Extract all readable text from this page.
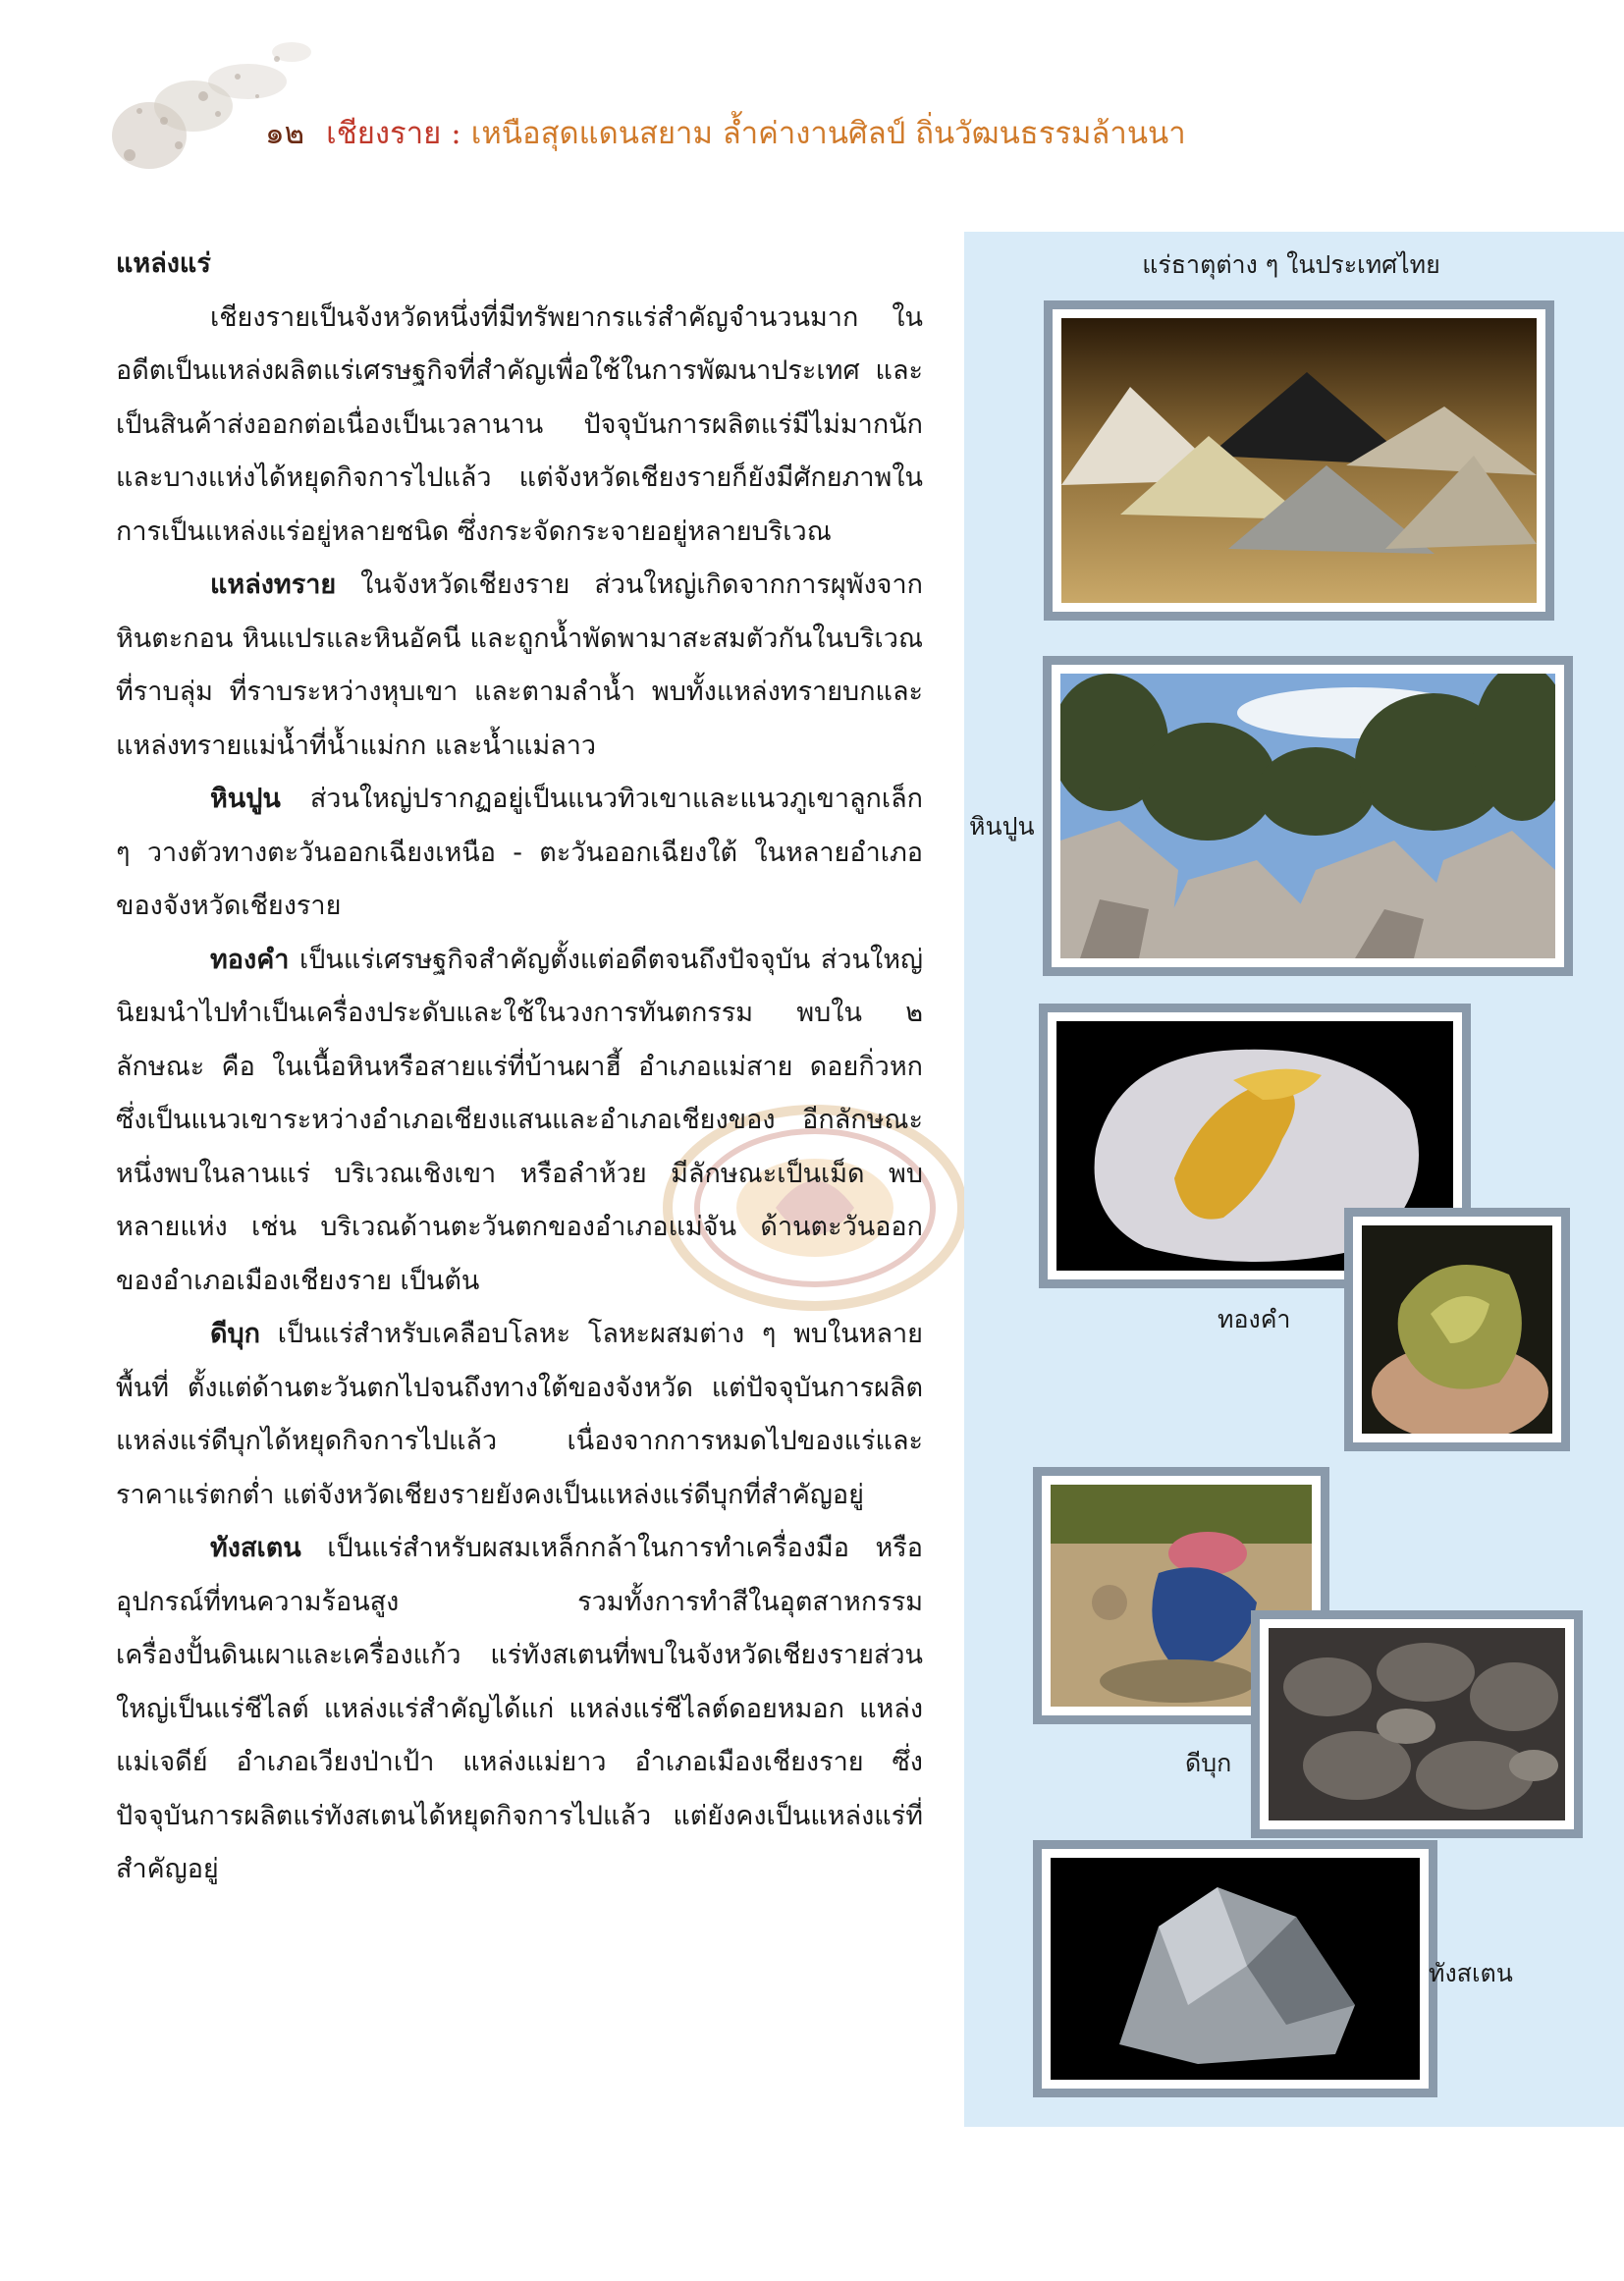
๑๒ เชียงราย : เหนือสุดแดนสยาม ล้ำค่างานศิลป์ ถิ่นวัฒนธรรมล้านนา
แหล่งแร่

เชียงรายเป็นจังหวัดหนึ่งที่มีทรัพยากรแร่สำคัญจำนวนมาก ในอดีตเป็นแหล่งผลิตแร่เศรษฐกิจที่สำคัญเพื่อใช้ในการพัฒนาประเทศ และเป็นสินค้าส่งออกต่อเนื่องเป็นเวลานาน ปัจจุบันการผลิตแร่มีไม่มากนักและบางแห่งได้หยุดกิจการไปแล้ว แต่จังหวัดเชียงรายก็ยังมีศักยภาพในการเป็นแหล่งแร่อยู่หลายชนิด ซึ่งกระจัดกระจายอยู่หลายบริเวณ

แหล่งทราย ในจังหวัดเชียงราย ส่วนใหญ่เกิดจากการผุพังจากหินตะกอน หินแปรและหินอัคนี และถูกน้ำพัดพามาสะสมตัวกันในบริเวณที่ราบลุ่ม ที่ราบระหว่างหุบเขา และตามลำน้ำ พบทั้งแหล่งทรายบกและแหล่งทรายแม่น้ำที่น้ำแม่กก และน้ำแม่ลาว

หินปูน ส่วนใหญ่ปรากฏอยู่เป็นแนวทิวเขาและแนวภูเขาลูกเล็ก ๆ วางตัวทางตะวันออกเฉียงเหนือ - ตะวันออกเฉียงใต้ ในหลายอำเภอของจังหวัดเชียงราย

ทองคำ เป็นแร่เศรษฐกิจสำคัญตั้งแต่อดีตจนถึงปัจจุบัน ส่วนใหญ่นิยมนำไปทำเป็นเครื่องประดับและใช้ในวงการทันตกรรม พบใน ๒ ลักษณะ คือ ในเนื้อหินหรือสายแร่ที่บ้านผาฮี้ อำเภอแม่สาย ดอยกิ่วหก ซึ่งเป็นแนวเขาระหว่างอำเภอเชียงแสนและอำเภอเชียงของ อีกลักษณะหนึ่งพบในลานแร่ บริเวณเชิงเขา หรือลำห้วย มีลักษณะเป็นเม็ด พบหลายแห่ง เช่น บริเวณด้านตะวันตกของอำเภอแม่จัน ด้านตะวันออกของอำเภอเมืองเชียงราย เป็นต้น

ดีบุก เป็นแร่สำหรับเคลือบโลหะ โลหะผสมต่าง ๆ พบในหลายพื้นที่ ตั้งแต่ด้านตะวันตกไปจนถึงทางใต้ของจังหวัด แต่ปัจจุบันการผลิตแหล่งแร่ดีบุกได้หยุดกิจการไปแล้ว เนื่องจากการหมดไปของแร่และราคาแร่ตกต่ำ แต่จังหวัดเชียงรายยังคงเป็นแหล่งแร่ดีบุกที่สำคัญอยู่

ทังสเตน เป็นแร่สำหรับผสมเหล็กกล้าในการทำเครื่องมือ หรืออุปกรณ์ที่ทนความร้อนสูง รวมทั้งการทำสีในอุตสาหกรรมเครื่องปั้นดินเผาและเครื่องแก้ว แร่ทังสเตนที่พบในจังหวัดเชียงรายส่วนใหญ่เป็นแร่ชีไลต์ แหล่งแร่สำคัญได้แก่ แหล่งแร่ชีไลต์ดอยหมอก แหล่งแม่เจดีย์ อำเภอเวียงป่าเป้า แหล่งแม่ยาว อำเภอเมืองเชียงราย ซึ่งปัจจุบันการผลิตแร่ทังสเตนได้หยุดกิจการไปแล้ว แต่ยังคงเป็นแหล่งแร่ที่สำคัญอยู่

แร่ธาตุต่าง ๆ ในประเทศไทย
หินปูน
ทองคำ
ดีบุก
ทังสเตน
